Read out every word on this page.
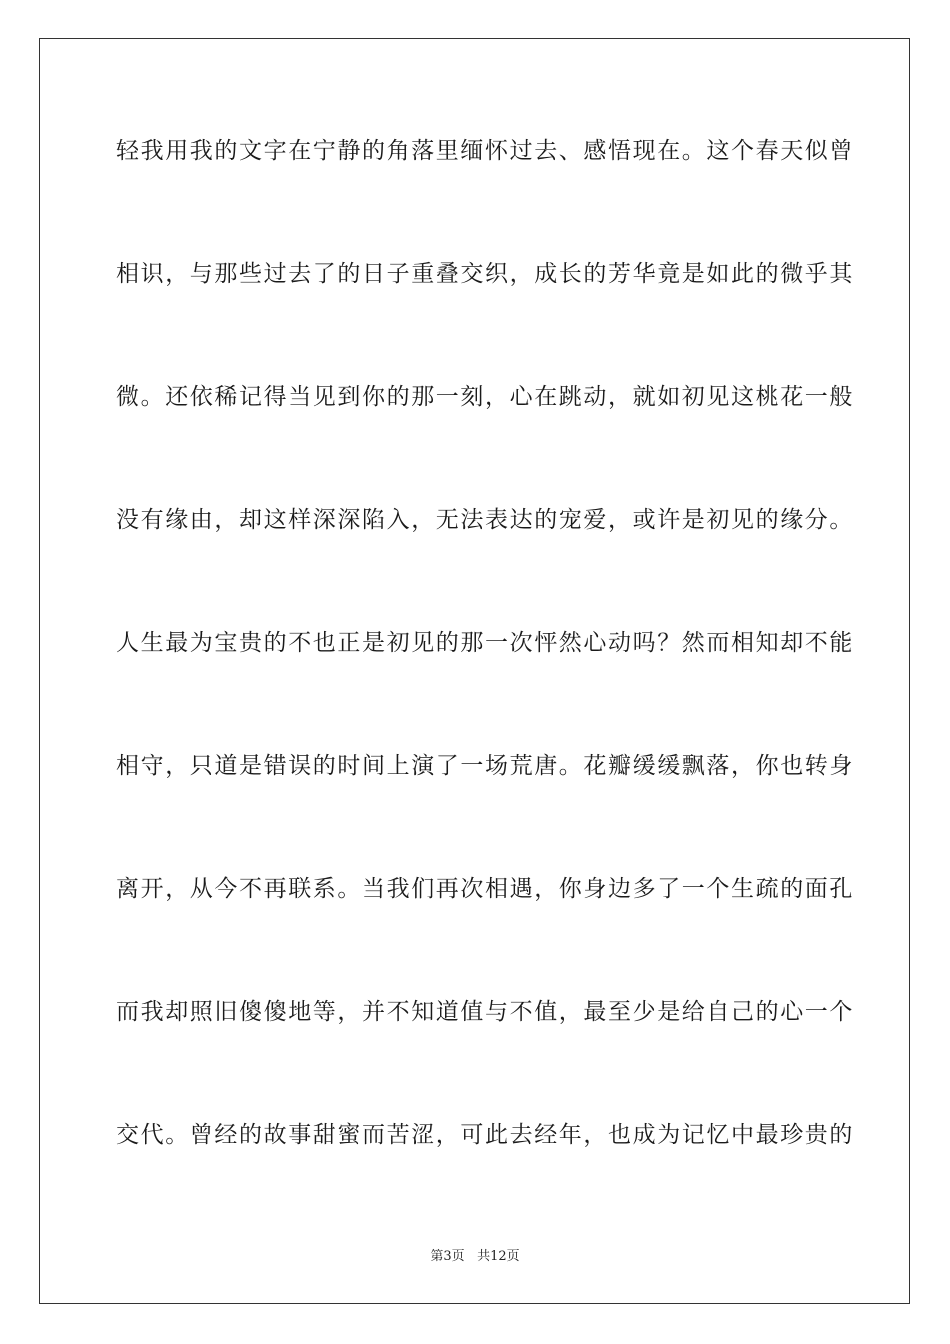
轻我用我的文字在宁静的角落里缅怀过去、感悟现在。这个春天似曾
相识，与那些过去了的日子重叠交织，成长的芳华竟是如此的微乎其
微。还依稀记得当见到你的那一刻，心在跳动，就如初见这桃花一般
没有缘由，却这样深深陷入，无法表达的宠爱，或许是初见的缘分。
人生最为宝贵的不也正是初见的那一次怦然心动吗？然而相知却不能
相守，只道是错误的时间上演了一场荒唐。花瓣缓缓飘落，你也转身
离开，从今不再联系。当我们再次相遇，你身边多了一个生疏的面孔
而我却照旧傻傻地等，并不知道值与不值，最至少是给自己的心一个
交代。曾经的故事甜蜜而苦涩，可此去经年，也成为记忆中最珍贵的
第3页 共12页
